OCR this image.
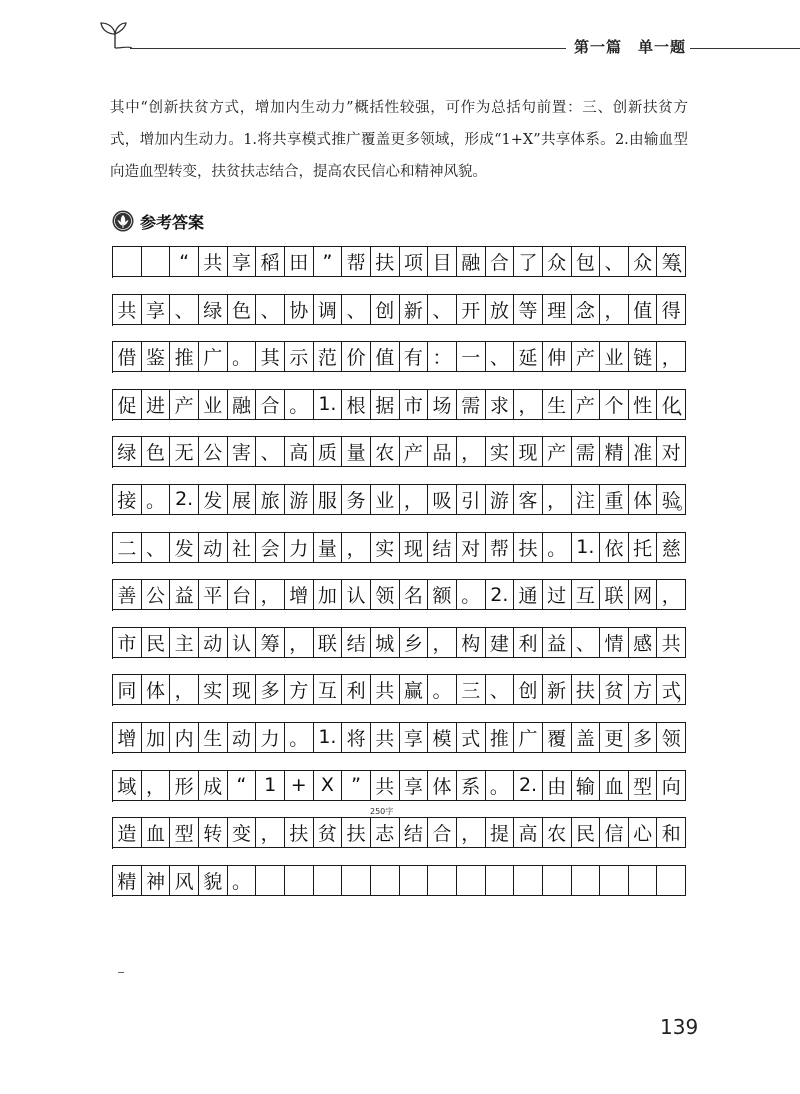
第一篇　单一题
其中“创新扶贫方式，增加内生动力”概括性较强，可作为总括句前置：三、创新扶贫方式，增加内生动力。1.将共享模式推广覆盖更多领域，形成“1+X”共享体系。2.由输血型向造血型转变，扶贫扶志结合，提高农民信心和精神风貌。
参考答案
“ 共 享 稻 田 ” 帮 扶 项 目 融 合 了 众 包 、 众 筹
、
共 享 、 绿 色 、 协 调 、 创 新 、 开 放 等 理 念 ， 值 得
借 鉴 推 广 。 其 示 范 价 值 有 ： 一 、 延 伸 产 业 链 ，
促 进 产 业 融 合 。 1. 根 据 市 场 需 求 ， 生 产 个 性 化
、
绿 色 无 公 害 、 高 质 量 农 产 品 ， 实 现 产 需 精 准 对
接 。 2. 发 展 旅 游 服 务 业 ， 吸 引 游 客 ， 注 重 体 验
。
二 、 发 动 社 会 力 量 ， 实 现 结 对 帮 扶 。 1. 依 托 慈
善 公 益 平 台 ， 增 加 认 领 名 额 。 2. 通 过 互 联 网 ，
市 民 主 动 认 筹 ， 联 结 城 乡 ， 构 建 利 益 、 情 感 共
同 体 ， 实 现 多 方 互 利 共 赢 。 三 、 创 新 扶 贫 方 式
，
增 加 内 生 动 力 。 1. 将 共 享 模 式 推 广 覆 盖 更 多 领
域 ， 形 成 “ 1 + X ” 共 享 体 系 。 2. 由 输 血 型 向
造 血 型 转 变 ， 扶 贫 扶 志 结 合 ， 提 高 农 民 信 心 和
精 神 风 貌 。
250字
139
